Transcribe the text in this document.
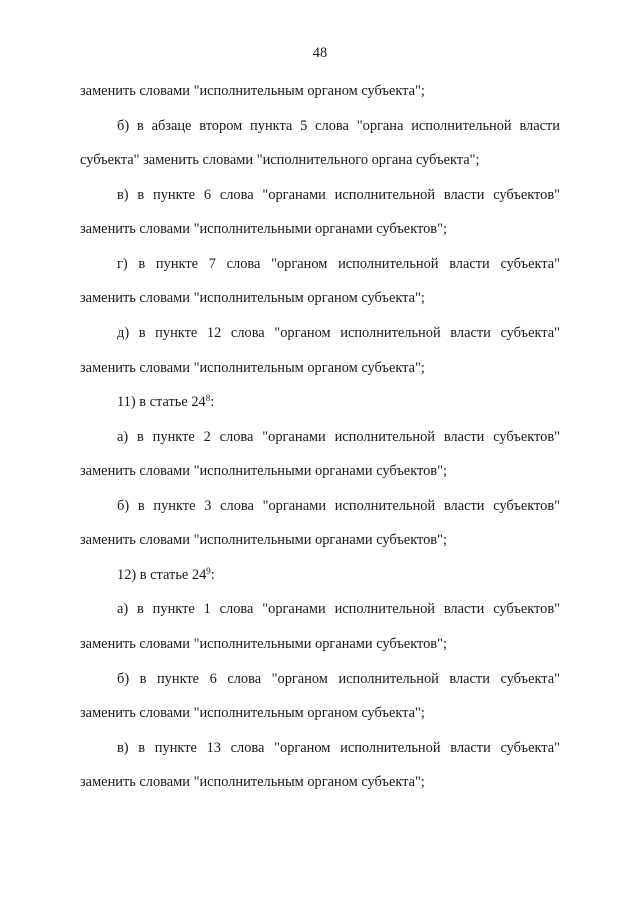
48
заменить словами "исполнительным органом субъекта";
б) в абзаце втором пункта 5 слова "органа исполнительной власти
субъекта" заменить словами "исполнительного органа субъекта";
в) в пункте 6 слова "органами исполнительной власти субъектов"
заменить словами "исполнительными органами субъектов";
г) в пункте 7 слова "органом исполнительной власти субъекта"
заменить словами "исполнительным органом субъекта";
д) в пункте 12 слова "органом исполнительной власти субъекта"
заменить словами "исполнительным органом субъекта";
11) в статье $24^8$:
а) в пункте 2 слова "органами исполнительной власти субъектов"
заменить словами "исполнительными органами субъектов";
б) в пункте 3 слова "органами исполнительной власти субъектов"
заменить словами "исполнительными органами субъектов";
12) в статье $24^9$:
а) в пункте 1 слова "органами исполнительной власти субъектов"
заменить словами "исполнительными органами субъектов";
б) в пункте 6 слова "органом исполнительной власти субъекта"
заменить словами "исполнительным органом субъекта";
в) в пункте 13 слова "органом исполнительной власти субъекта"
заменить словами "исполнительным органом субъекта";
